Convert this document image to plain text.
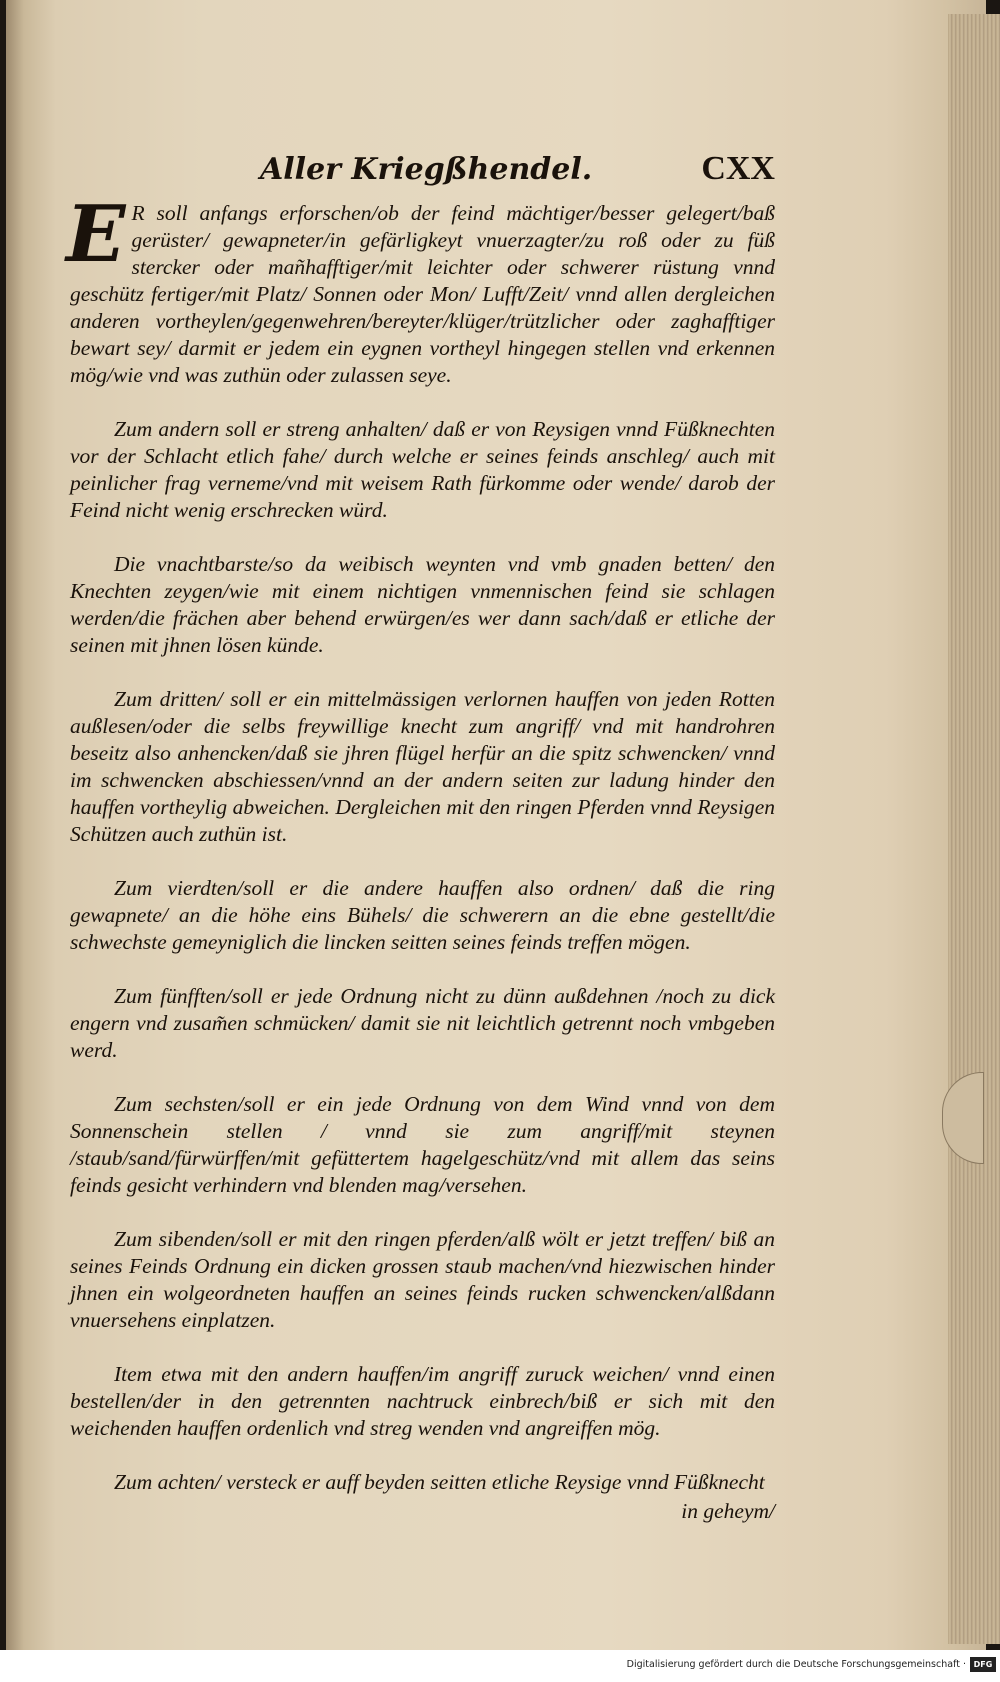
Aller Kriegßhendel.	CXX

E R soll anfangs erforschen/ob der feind mächtiger/besser gelegert/baß gerüster/ gewapneter/in gefärligkeyt vnuerzagter/zu roß oder zu füß stercker oder mañhafftiger/mit leichter oder schwerer rüstung vnnd geschütz fertiger/mit Platz/ Sonnen oder Mon/ Lufft/Zeit/ vnnd allen dergleichen anderen vortheylen/gegenwehren/bereyter/klüger/trützlicher oder zaghafftiger bewart sey/ darmit er jedem ein eygnen vortheyl hingegen stellen vnd erkennen mög/wie vnd was zuthün oder zulassen seye.

Zum andern soll er streng anhalten/ daß er von Reysigen vnnd Füßknechten vor der Schlacht etlich fahe/ durch welche er seines feinds anschleg/ auch mit peinlicher frag verneme/vnd mit weisem Rath fürkomme oder wende/ darob der Feind nicht wenig erschrecken würd.

Die vnachtbarste/so da weibisch weynten vnd vmb gnaden betten/ den Knechten zeygen/wie mit einem nichtigen vnmennischen feind sie schlagen werden/die frächen aber behend erwürgen/es wer dann sach/daß er etliche der seinen mit jhnen lösen künde.

Zum dritten/ soll er ein mittelmässigen verlornen hauffen von jeden Rotten außlesen/oder die selbs freywillige knecht zum angriff/ vnd mit handrohren beseitz also anhencken/daß sie jhren flügel herfür an die spitz schwencken/ vnnd im schwencken abschiessen/vnnd an der andern seiten zur ladung hinder den hauffen vortheylig abweichen. Dergleichen mit den ringen Pferden vnnd Reysigen Schützen auch zuthün ist.

Zum vierdten/soll er die andere hauffen also ordnen/ daß die ring gewapnete/ an die höhe eins Bühels/ die schwerern an die ebne gestellt/die schwechste gemeyniglich die lincken seitten seines feinds treffen mögen.

Zum fünfften/soll er jede Ordnung nicht zu dünn außdehnen /noch zu dick engern vnd zusam̃en schmücken/ damit sie nit leichtlich getrennt noch vmbgeben werd.

Zum sechsten/soll er ein jede Ordnung von dem Wind vnnd von dem Sonnenschein stellen / vnnd sie zum angriff/mit steynen /staub/sand/fürwürffen/mit gefüttertem hagelgeschütz/vnd mit allem das seins feinds gesicht verhindern vnd blenden mag/versehen.

Zum sibenden/soll er mit den ringen pferden/alß wölt er jetzt treffen/ biß an seines Feinds Ordnung ein dicken grossen staub machen/vnd hiezwischen hinder jhnen ein wolgeordneten hauffen an seines feinds rucken schwencken/alßdann vnuersehens einplatzen.

Item etwa mit den andern hauffen/im angriff zuruck weichen/ vnnd einen bestellen/der in den getrennten nachtruck einbrech/biß er sich mit den weichenden hauffen ordenlich vnd streg wenden vnd angreiffen mög.

Zum achten/ versteck er auff beyden seitten etliche Reysige vnnd Füßknecht

in geheym/
Digitalisierung gefördert durch die Deutsche Forschungsgemeinschaft · DFG
